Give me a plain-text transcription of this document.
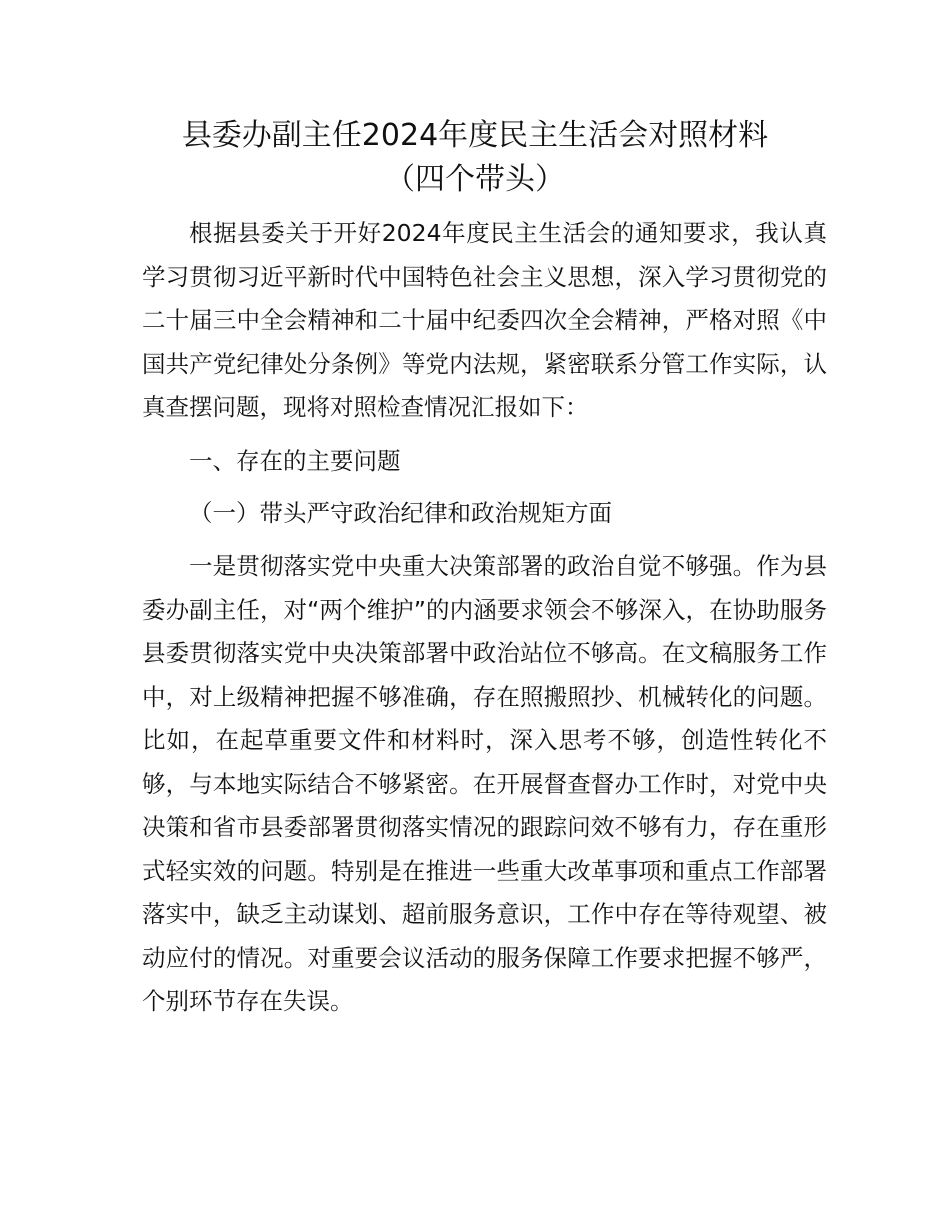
县委办副主任2024年度民主生活会对照材料
（四个带头）

根据县委关于开好2024年度民主生活会的通知要求，我认真学习贯彻习近平新时代中国特色社会主义思想，深入学习贯彻党的二十届三中全会精神和二十届中纪委四次全会精神，严格对照《中国共产党纪律处分条例》等党内法规，紧密联系分管工作实际，认真查摆问题，现将对照检查情况汇报如下：

一、存在的主要问题

（一）带头严守政治纪律和政治规矩方面

一是贯彻落实党中央重大决策部署的政治自觉不够强。作为县委办副主任，对“两个维护”的内涵要求领会不够深入，在协助服务县委贯彻落实党中央决策部署中政治站位不够高。在文稿服务工作中，对上级精神把握不够准确，存在照搬照抄、机械转化的问题。比如，在起草重要文件和材料时，深入思考不够，创造性转化不够，与本地实际结合不够紧密。在开展督查督办工作时，对党中央决策和省市县委部署贯彻落实情况的跟踪问效不够有力，存在重形式轻实效的问题。特别是在推进一些重大改革事项和重点工作部署落实中，缺乏主动谋划、超前服务意识，工作中存在等待观望、被动应付的情况。对重要会议活动的服务保障工作要求把握不够严，个别环节存在失误。
